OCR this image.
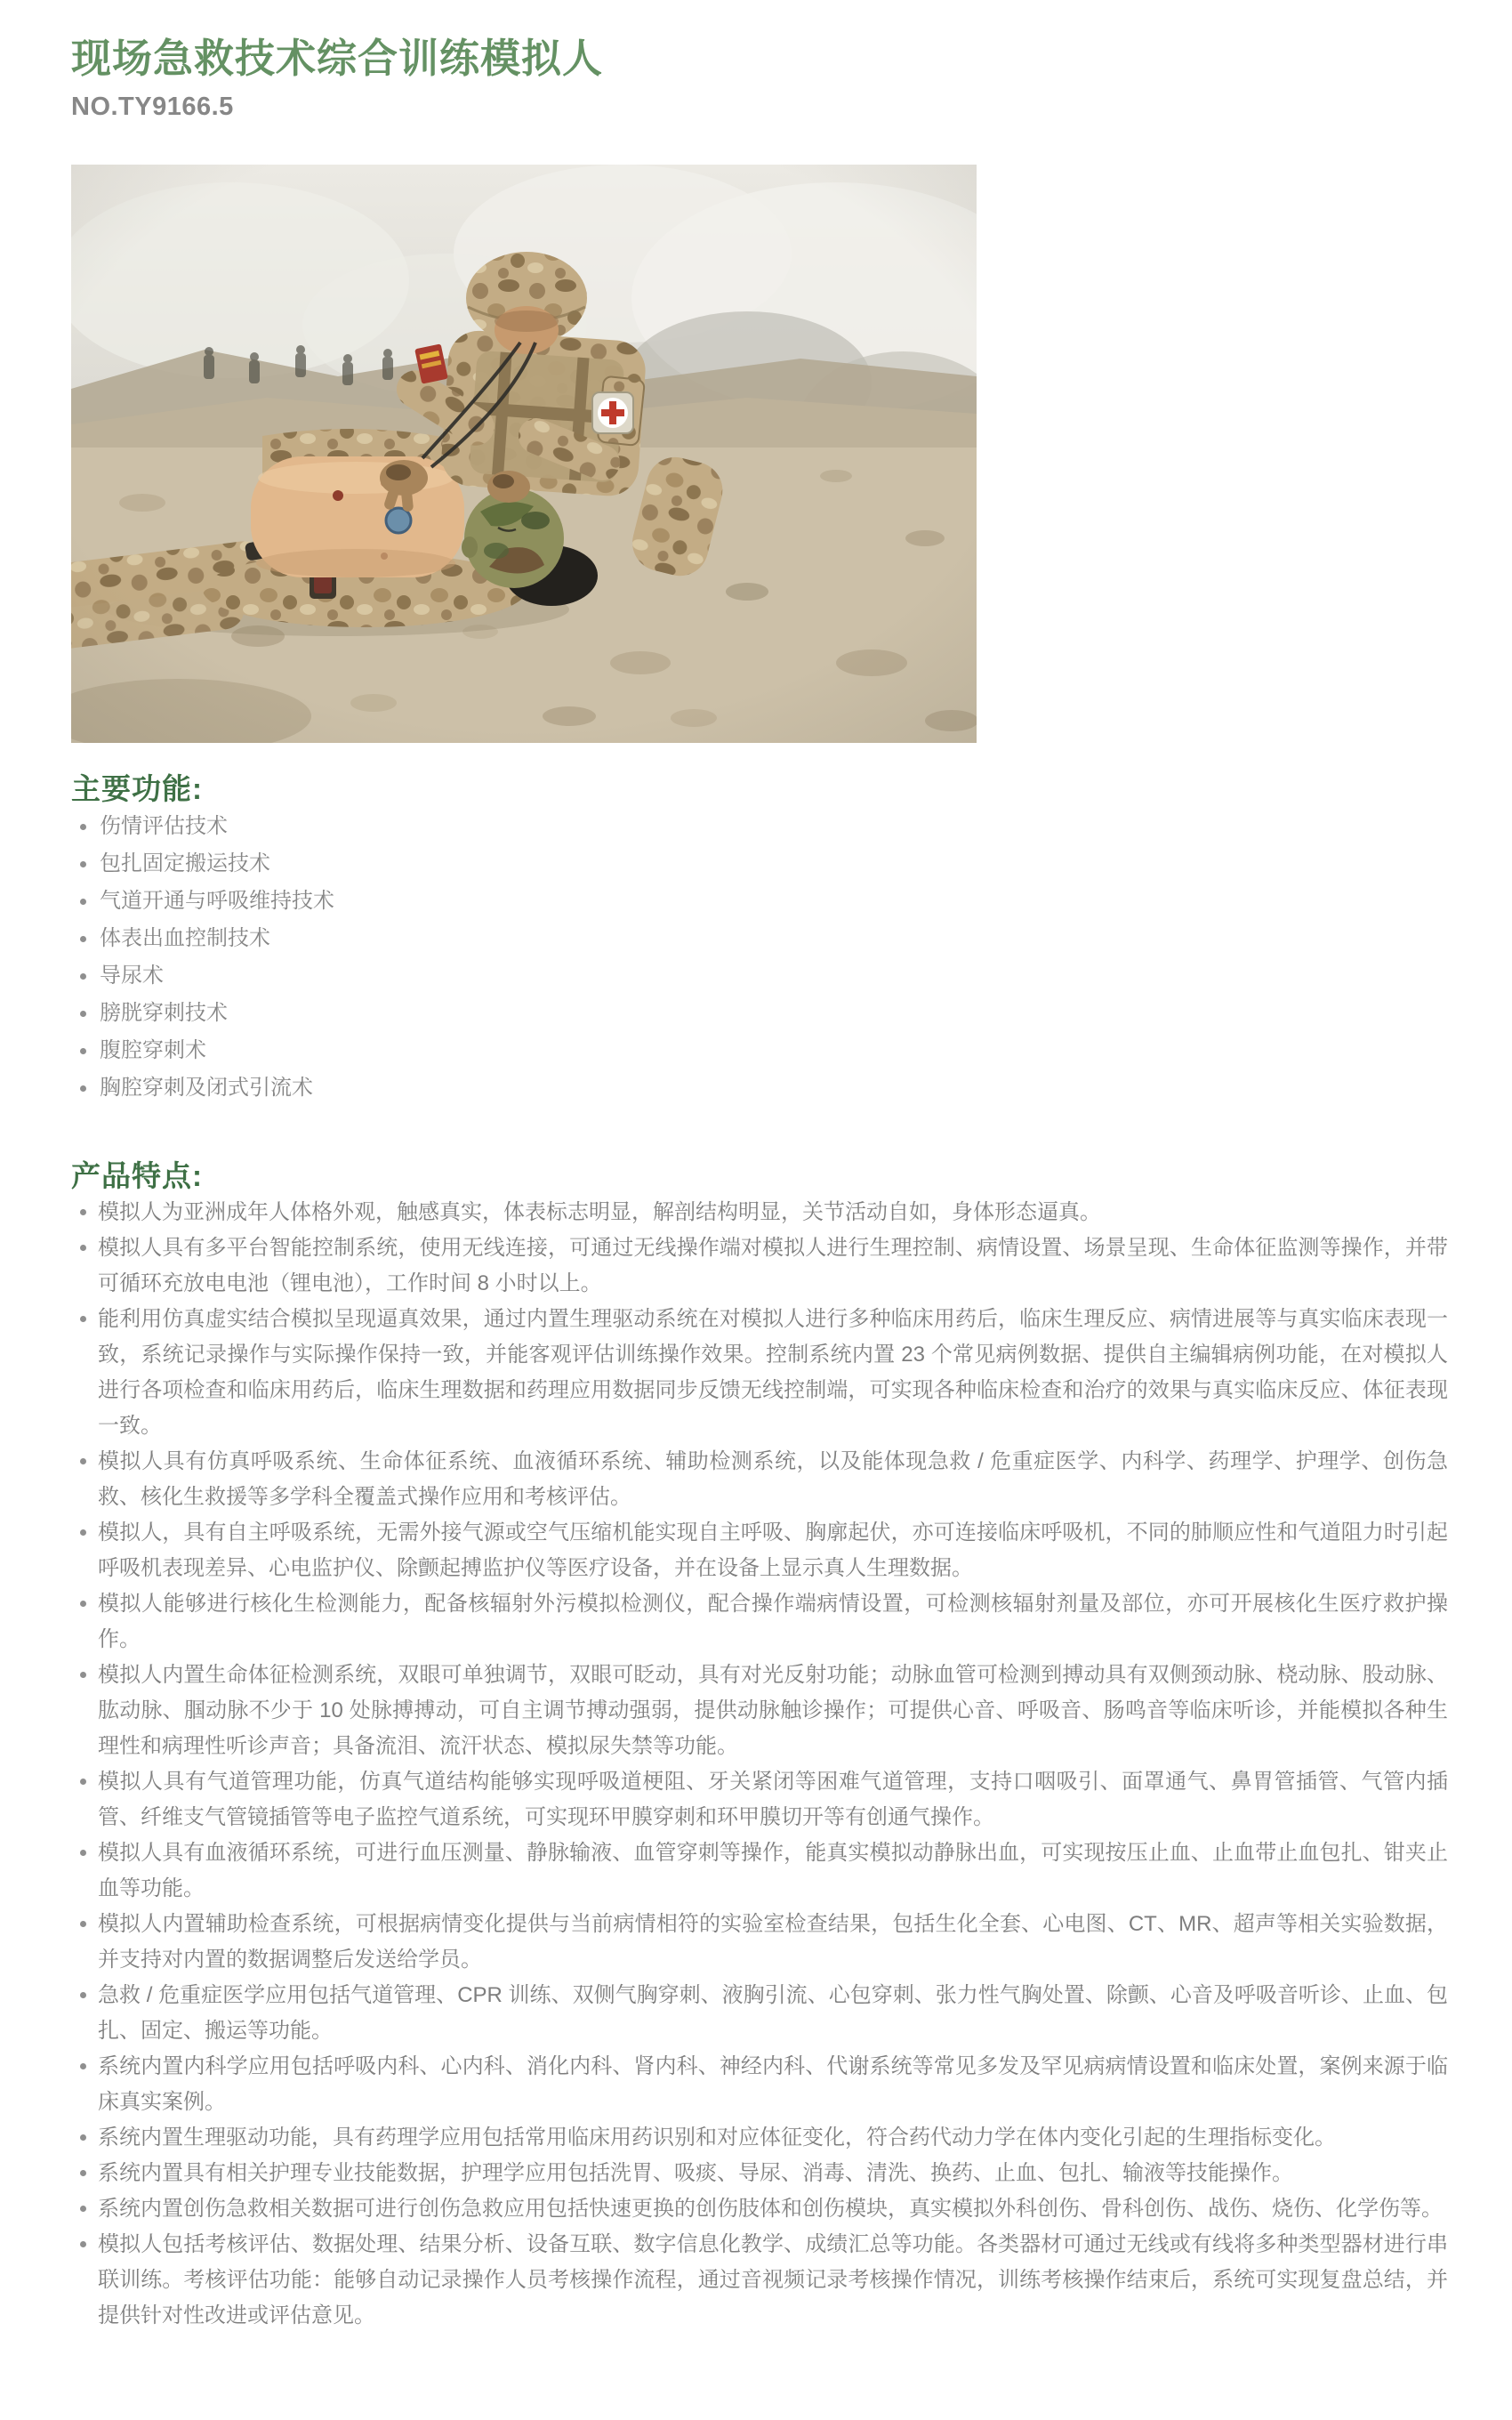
现场急救技术综合训练模拟人
NO.TY9166.5
主要功能:
伤情评估技术
包扎固定搬运技术
气道开通与呼吸维持技术
体表出血控制技术
导尿术
膀胱穿刺技术
腹腔穿刺术
胸腔穿刺及闭式引流术
产品特点:
模拟人为亚洲成年人体格外观，触感真实，体表标志明显，解剖结构明显，关节活动自如，身体形态逼真。
模拟人具有多平台智能控制系统，使用无线连接，可通过无线操作端对模拟人进行生理控制、病情设置、场景呈现、生命体征监测等操作，并带可循环充放电电池（锂电池），工作时间 8 小时以上。
能利用仿真虚实结合模拟呈现逼真效果，通过内置生理驱动系统在对模拟人进行多种临床用药后，临床生理反应、病情进展等与真实临床表现一致，系统记录操作与实际操作保持一致，并能客观评估训练操作效果。控制系统内置 23 个常见病例数据、提供自主编辑病例功能，在对模拟人进行各项检查和临床用药后，临床生理数据和药理应用数据同步反馈无线控制端，可实现各种临床检查和治疗的效果与真实临床反应、体征表现一致。
模拟人具有仿真呼吸系统、生命体征系统、血液循环系统、辅助检测系统，以及能体现急救 / 危重症医学、内科学、药理学、护理学、创伤急救、核化生救援等多学科全覆盖式操作应用和考核评估。
模拟人，具有自主呼吸系统，无需外接气源或空气压缩机能实现自主呼吸、胸廓起伏，亦可连接临床呼吸机，不同的肺顺应性和气道阻力时引起呼吸机表现差异、心电监护仪、除颤起搏监护仪等医疗设备，并在设备上显示真人生理数据。
模拟人能够进行核化生检测能力，配备核辐射外污模拟检测仪，配合操作端病情设置，可检测核辐射剂量及部位，亦可开展核化生医疗救护操作。
模拟人内置生命体征检测系统，双眼可单独调节，双眼可眨动，具有对光反射功能；动脉血管可检测到搏动具有双侧颈动脉、桡动脉、股动脉、肱动脉、腘动脉不少于 10 处脉搏搏动，可自主调节搏动强弱，提供动脉触诊操作；可提供心音、呼吸音、肠鸣音等临床听诊，并能模拟各种生理性和病理性听诊声音；具备流泪、流汗状态、模拟尿失禁等功能。
模拟人具有气道管理功能，仿真气道结构能够实现呼吸道梗阻、牙关紧闭等困难气道管理，支持口咽吸引、面罩通气、鼻胃管插管、气管内插管、纤维支气管镜插管等电子监控气道系统，可实现环甲膜穿刺和环甲膜切开等有创通气操作。
模拟人具有血液循环系统，可进行血压测量、静脉输液、血管穿刺等操作，能真实模拟动静脉出血，可实现按压止血、止血带止血包扎、钳夹止血等功能。
模拟人内置辅助检查系统，可根据病情变化提供与当前病情相符的实验室检查结果，包括生化全套、心电图、CT、MR、超声等相关实验数据，并支持对内置的数据调整后发送给学员。
急救 / 危重症医学应用包括气道管理、CPR 训练、双侧气胸穿刺、液胸引流、心包穿刺、张力性气胸处置、除颤、心音及呼吸音听诊、止血、包扎、固定、搬运等功能。
系统内置内科学应用包括呼吸内科、心内科、消化内科、肾内科、神经内科、代谢系统等常见多发及罕见病病情设置和临床处置，案例来源于临床真实案例。
系统内置生理驱动功能，具有药理学应用包括常用临床用药识别和对应体征变化，符合药代动力学在体内变化引起的生理指标变化。
系统内置具有相关护理专业技能数据，护理学应用包括洗胃、吸痰、导尿、消毒、清洗、换药、止血、包扎、输液等技能操作。
系统内置创伤急救相关数据可进行创伤急救应用包括快速更换的创伤肢体和创伤模块，真实模拟外科创伤、骨科创伤、战伤、烧伤、化学伤等。
模拟人包括考核评估、数据处理、结果分析、设备互联、数字信息化教学、成绩汇总等功能。各类器材可通过无线或有线将多种类型器材进行串联训练。考核评估功能：能够自动记录操作人员考核操作流程，通过音视频记录考核操作情况，训练考核操作结束后，系统可实现复盘总结，并提供针对性改进或评估意见。
